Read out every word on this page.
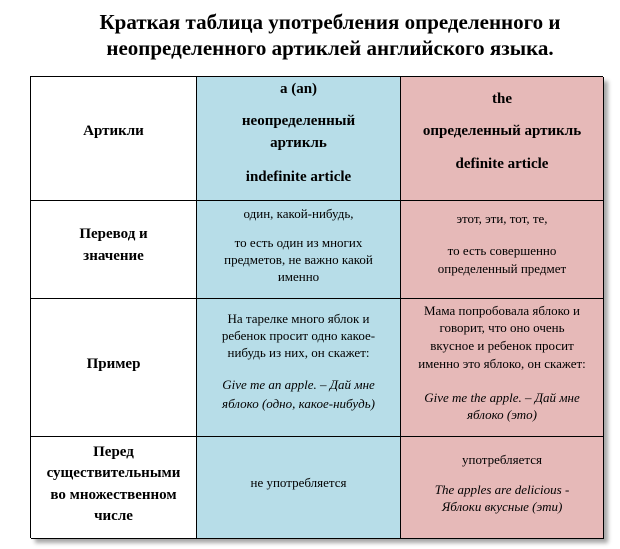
Краткая таблица употребления определенного и
неопределенного артиклей английского языка.
Артикли
a (an)
неопределенный
артикль
indefinite article
the
определенный артикль
definite article
Перевод и
значение
один, какой-нибудь,
то есть один из многих
предметов, не важно какой
именно
этот, эти, тот, те,
то есть совершенно
определенный предмет
Пример
На тарелке много яблок и
ребенок просит одно какое-
нибудь из них, он скажет:
Give me an apple. – Дай мне
яблоко (одно, какое-нибудь)
Мама попробовала яблоко и
говорит, что оно очень
вкусное и ребенок просит
именно это яблоко, он скажет:
Give me the apple. – Дай мне
яблоко (это)
Перед
существительными
во множественном
числе
не употребляется
употребляется
The apples are delicious -
Яблоки вкусные (эти)
